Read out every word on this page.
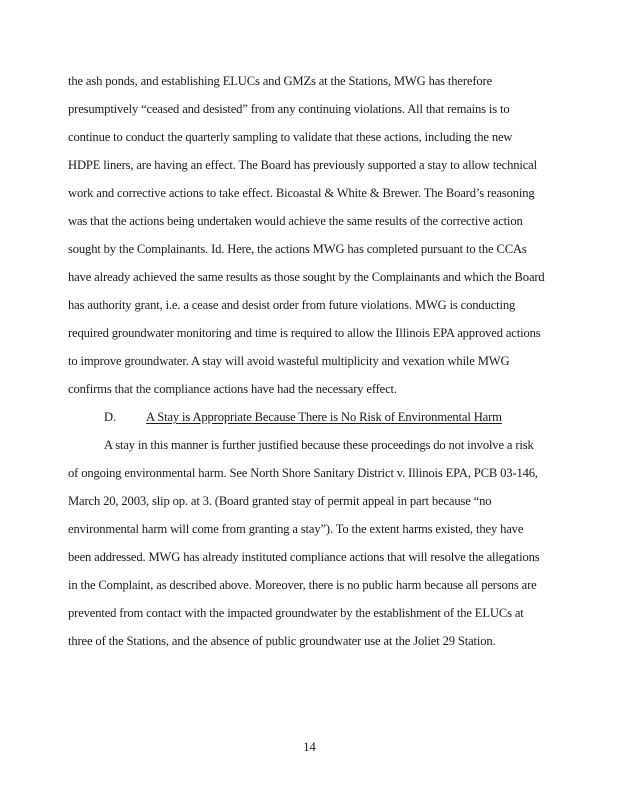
the ash ponds, and establishing ELUCs and GMZs at the Stations, MWG has therefore
presumptively “ceased and desisted” from any continuing violations. All that remains is to
continue to conduct the quarterly sampling to validate that these actions, including the new
HDPE liners, are having an effect. The Board has previously supported a stay to allow technical
work and corrective actions to take effect. Bicoastal & White & Brewer. The Board’s reasoning
was that the actions being undertaken would achieve the same results of the corrective action
sought by the Complainants. Id. Here, the actions MWG has completed pursuant to the CCAs
have already achieved the same results as those sought by the Complainants and which the Board
has authority grant, i.e. a cease and desist order from future violations. MWG is conducting
required groundwater monitoring and time is required to allow the Illinois EPA approved actions
to improve groundwater. A stay will avoid wasteful multiplicity and vexation while MWG
confirms that the compliance actions have had the necessary effect.
D. A Stay is Appropriate Because There is No Risk of Environmental Harm
A stay in this manner is further justified because these proceedings do not involve a risk
of ongoing environmental harm. See North Shore Sanitary District v. Illinois EPA, PCB 03-146,
March 20, 2003, slip op. at 3. (Board granted stay of permit appeal in part because “no
environmental harm will come from granting a stay”). To the extent harms existed, they have
been addressed. MWG has already instituted compliance actions that will resolve the allegations
in the Complaint, as described above. Moreover, there is no public harm because all persons are
prevented from contact with the impacted groundwater by the establishment of the ELUCs at
three of the Stations, and the absence of public groundwater use at the Joliet 29 Station.
14
